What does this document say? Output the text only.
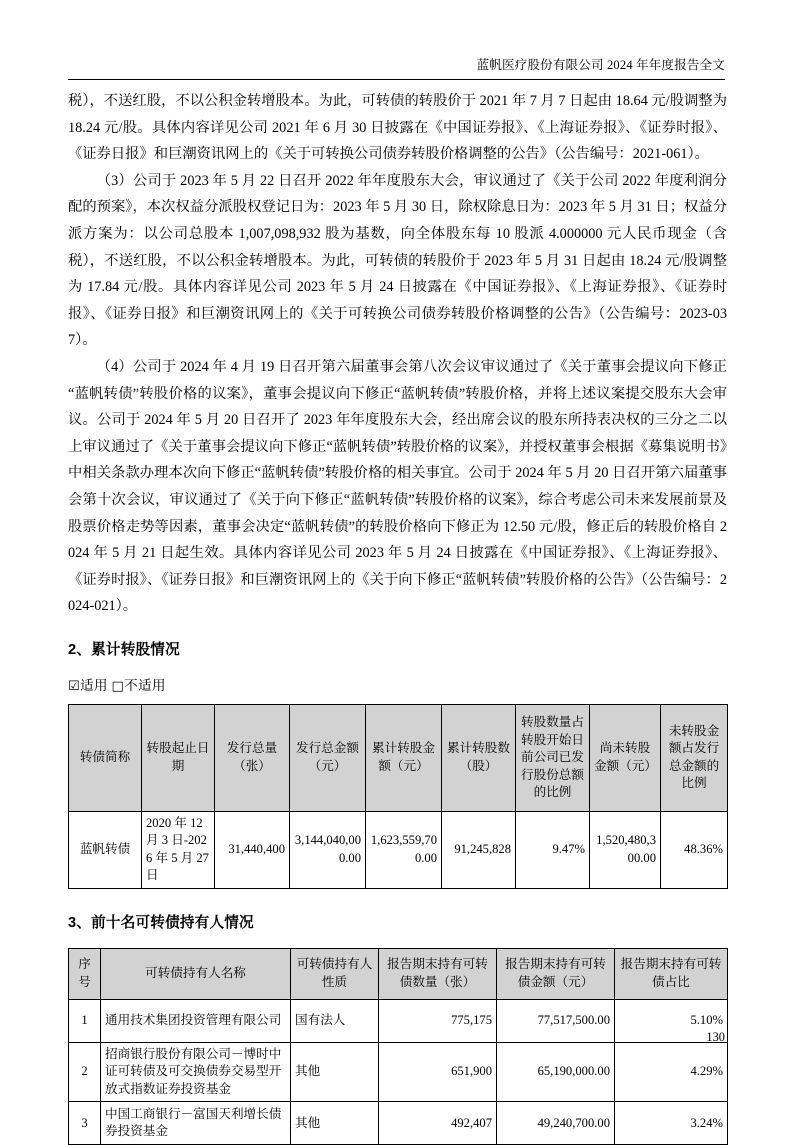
蓝帆医疗股份有限公司 2024 年年度报告全文

税），不送红股，不以公积金转增股本。为此，可转债的转股价于 2021 年 7 月 7 日起由 18.64 元/股调整为 18.24 元/股。具体内容详见公司 2021 年 6 月 30 日披露在《中国证券报》、《上海证券报》、《证券时报》、《证券日报》和巨潮资讯网上的《关于可转换公司债券转股价格调整的公告》（公告编号：2021-061）。

（3）公司于 2023 年 5 月 22 日召开 2022 年年度股东大会，审议通过了《关于公司 2022 年度利润分配的预案》，本次权益分派股权登记日为：2023 年 5 月 30 日，除权除息日为：2023 年 5 月 31 日；权益分派方案为：以公司总股本 1,007,098,932 股为基数，向全体股东每 10 股派 4.000000 元人民币现金（含税），不送红股，不以公积金转增股本。为此，可转债的转股价于 2023 年 5 月 31 日起由 18.24 元/股调整为 17.84 元/股。具体内容详见公司 2023 年 5 月 24 日披露在《中国证券报》、《上海证券报》、《证券时报》、《证券日报》和巨潮资讯网上的《关于可转换公司债券转股价格调整的公告》（公告编号：2023-037）。

（4）公司于 2024 年 4 月 19 日召开第六届董事会第八次会议审议通过了《关于董事会提议向下修正“蓝帆转债”转股价格的议案》，董事会提议向下修正“蓝帆转债”转股价格，并将上述议案提交股东大会审议。公司于 2024 年 5 月 20 日召开了 2023 年年度股东大会，经出席会议的股东所持表决权的三分之二以上审议通过了《关于董事会提议向下修正“蓝帆转债”转股价格的议案》，并授权董事会根据《募集说明书》中相关条款办理本次向下修正“蓝帆转债”转股价格的相关事宜。公司于 2024 年 5 月 20 日召开第六届董事会第十次会议，审议通过了《关于向下修正“蓝帆转债”转股价格的议案》，综合考虑公司未来发展前景及股票价格走势等因素，董事会决定“蓝帆转债”的转股价格向下修正为 12.50 元/股，修正后的转股价格自 2024 年 5 月 21 日起生效。具体内容详见公司 2023 年 5 月 24 日披露在《中国证券报》、《上海证券报》、《证券时报》、《证券日报》和巨潮资讯网上的《关于向下修正“蓝帆转债”转股价格的公告》（公告编号：2024-021）。

2、累计转股情况
☑适用 □不适用
转债简称	转股起止日期	发行总量（张）	发行总金额（元）	累计转股金额（元）	累计转股数（股）	转股数量占转股开始日前公司已发行股份总额的比例	尚未转股金额（元）	未转股金额占发行总金额的比例
蓝帆转债	2020 年 12 月 3 日-2026 年 5 月 27 日	31,440,400	3,144,040,000.00	1,623,559,700.00	91,245,828	9.47%	1,520,480,300.00	48.36%
3、前十名可转债持有人情况
序号	可转债持有人名称	可转债持有人性质	报告期末持有可转债数量（张）	报告期末持有可转债金额（元）	报告期末持有可转债占比
1	通用技术集团投资管理有限公司	国有法人	775,175	77,517,500.00	5.10%
2	招商银行股份有限公司－博时中证可转债及可交换债券交易型开放式指数证券投资基金	其他	651,900	65,190,000.00	4.29%
3	中国工商银行－富国天利增长债券投资基金	其他	492,407	49,240,700.00	3.24%
130
